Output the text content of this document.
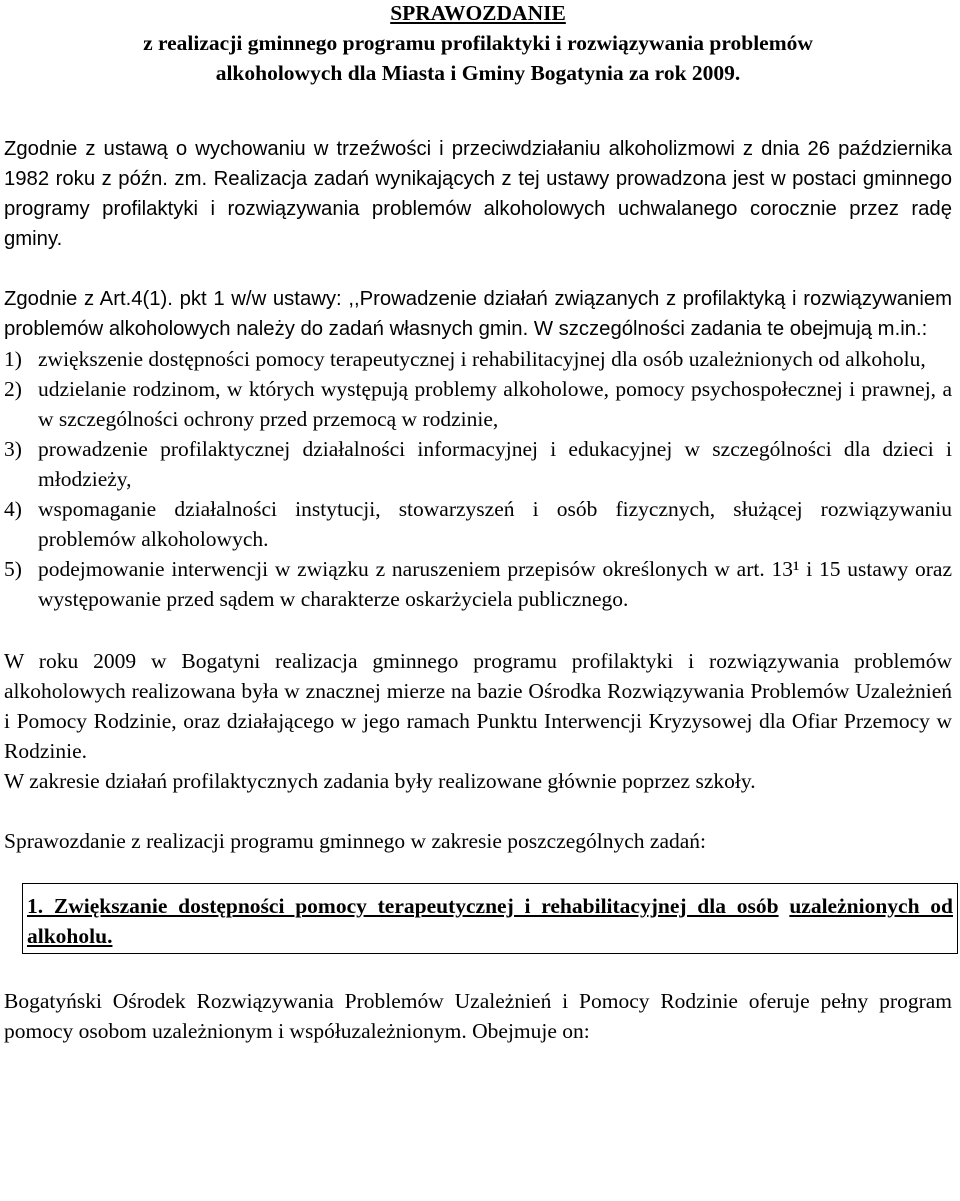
SPRAWOZDANIE
z realizacji gminnego programu profilaktyki i rozwiązywania problemów
alkoholowych dla Miasta i Gminy Bogatynia za rok 2009.

Zgodnie z ustawą o wychowaniu w trzeźwości i przeciwdziałaniu alkoholizmowi z dnia 26 października 1982 roku z późn. zm. Realizacja zadań wynikających z tej ustawy prowadzona jest w postaci gminnego programy profilaktyki i rozwiązywania problemów alkoholowych uchwalanego corocznie przez radę gminy.

Zgodnie z Art.4(1). pkt 1 w/w ustawy: ,,Prowadzenie działań związanych z profilaktyką i rozwiązywaniem problemów alkoholowych należy do zadań własnych gmin. W szczególności zadania te obejmują m.in.:

1) zwiększenie dostępności pomocy terapeutycznej i rehabilitacyjnej dla osób uzależnionych od alkoholu,
2) udzielanie rodzinom, w których występują problemy alkoholowe, pomocy psychospołecznej i prawnej, a w szczególności ochrony przed przemocą w rodzinie,
3) prowadzenie profilaktycznej działalności informacyjnej i edukacyjnej w szczególności dla dzieci i młodzieży,
4) wspomaganie działalności instytucji, stowarzyszeń i osób fizycznych, służącej rozwiązywaniu problemów alkoholowych.
5) podejmowanie interwencji w związku z naruszeniem przepisów określonych w art. 13¹ i 15 ustawy oraz występowanie przed sądem w charakterze oskarżyciela publicznego.

W roku 2009 w Bogatyni realizacja gminnego programu profilaktyki i rozwiązywania problemów alkoholowych realizowana była w znacznej mierze na bazie Ośrodka Rozwiązywania Problemów Uzależnień i Pomocy Rodzinie, oraz działającego w jego ramach Punktu Interwencji Kryzysowej dla Ofiar Przemocy w Rodzinie.

W zakresie działań profilaktycznych zadania były realizowane głównie poprzez szkoły.

Sprawozdanie z realizacji programu gminnego w zakresie poszczególnych zadań:

1. Zwiększanie dostępności pomocy terapeutycznej i rehabilitacyjnej dla osób uzależnionych od alkoholu.

Bogatyński Ośrodek Rozwiązywania Problemów Uzależnień i Pomocy Rodzinie oferuje pełny program pomocy osobom uzależnionym i współuzależnionym. Obejmuje on:
